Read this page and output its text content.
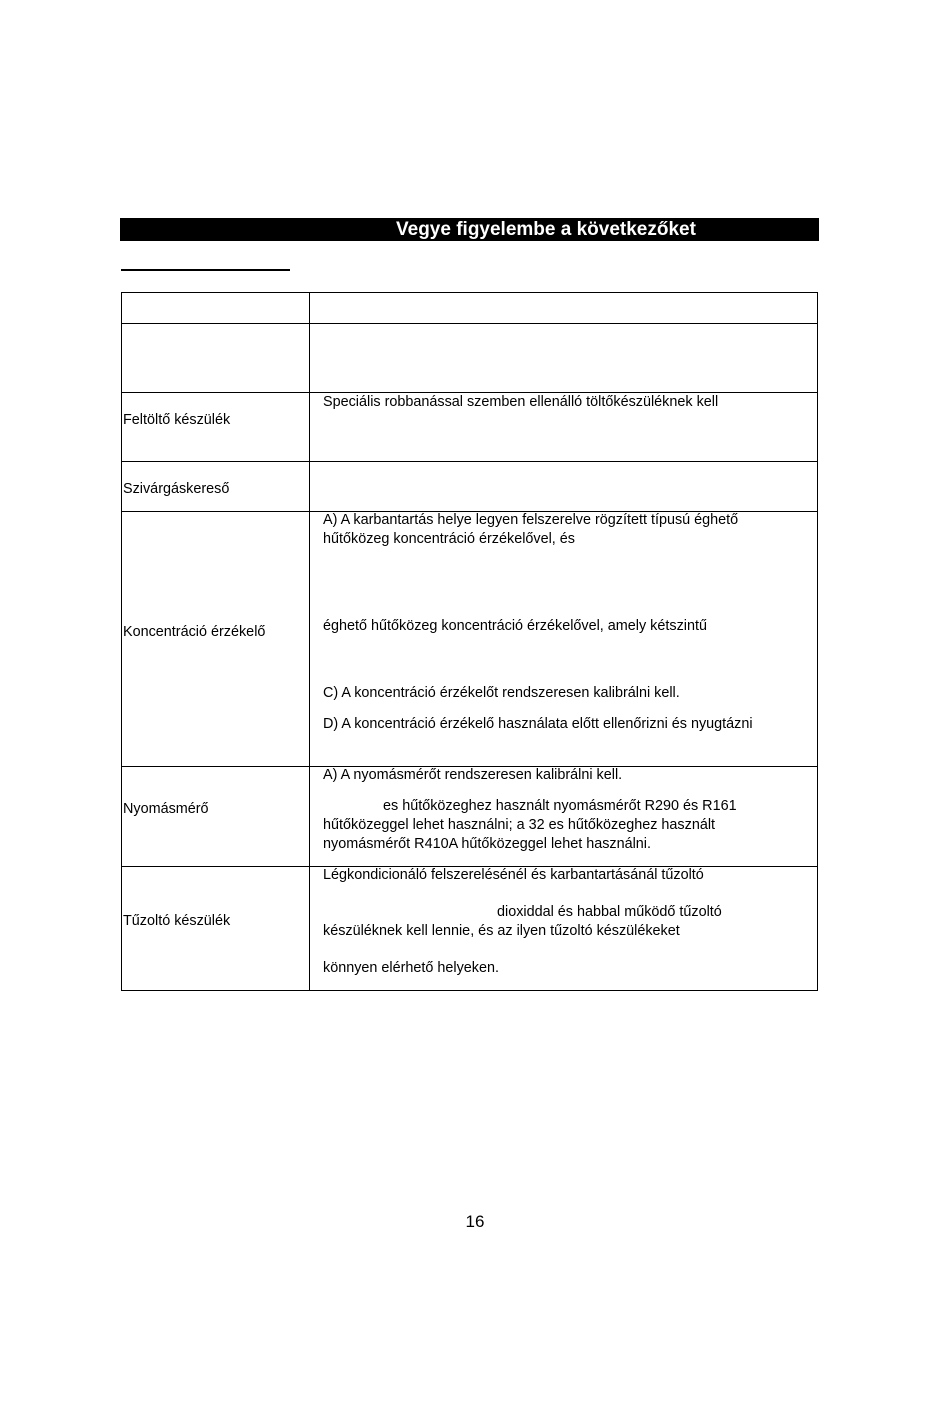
Vegye figyelembe a következőket
Feltöltő készülék
Speciális robbanással szemben ellenálló töltőkészüléknek kell
Szivárgáskereső
Koncentráció érzékelő
A) A karbantartás helye legyen felszerelve rögzített típusú éghető
hűtőközeg koncentráció érzékelővel, és
éghető hűtőközeg koncentráció érzékelővel, amely kétszintű
C) A koncentráció érzékelőt rendszeresen kalibrálni kell.
D) A koncentráció érzékelő használata előtt ellenőrizni és nyugtázni
Nyomásmérő
A) A nyomásmérőt rendszeresen kalibrálni kell.
es hűtőközeghez használt nyomásmérőt R290 és R161
hűtőközeggel lehet használni; a 32 es hűtőközeghez használt
nyomásmérőt R410A hűtőközeggel lehet használni.
Tűzoltó készülék
Légkondicionáló felszerelésénél és karbantartásánál tűzoltó
dioxiddal és habbal működő tűzoltó
készüléknek kell lennie, és az ilyen tűzoltó készülékeket
könnyen elérhető helyeken.
16
